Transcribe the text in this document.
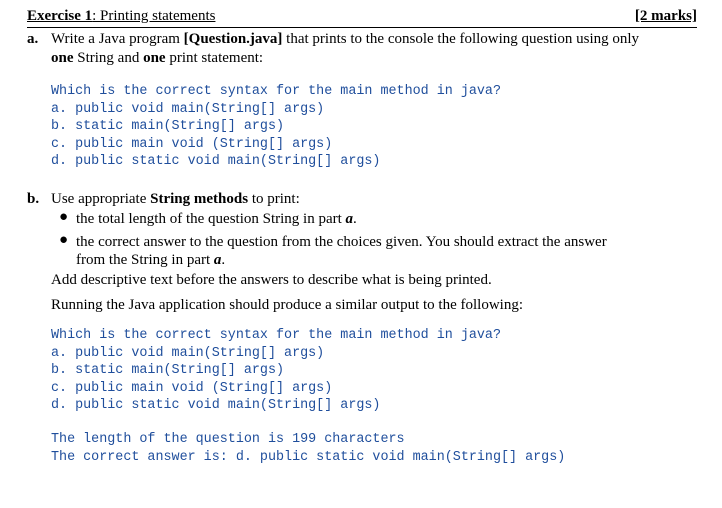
Exercise 1: Printing statements	[2 marks]
a. Write a Java program [Question.java] that prints to the console the following question using only
one String and one print statement:
Which is the correct syntax for the main method in java?
a. public void main(String[] args)
b. static main(String[] args)
c. public main void (String[] args)
d. public static void main(String[] args)
b. Use appropriate String methods to print:
● the total length of the question String in part a.
● the correct answer to the question from the choices given. You should extract the answer
from the String in part a.
Add descriptive text before the answers to describe what is being printed.
Running the Java application should produce a similar output to the following:
Which is the correct syntax for the main method in java?
a. public void main(String[] args)
b. static main(String[] args)
c. public main void (String[] args)
d. public static void main(String[] args)
The length of the question is 199 characters
The correct answer is: d. public static void main(String[] args)
